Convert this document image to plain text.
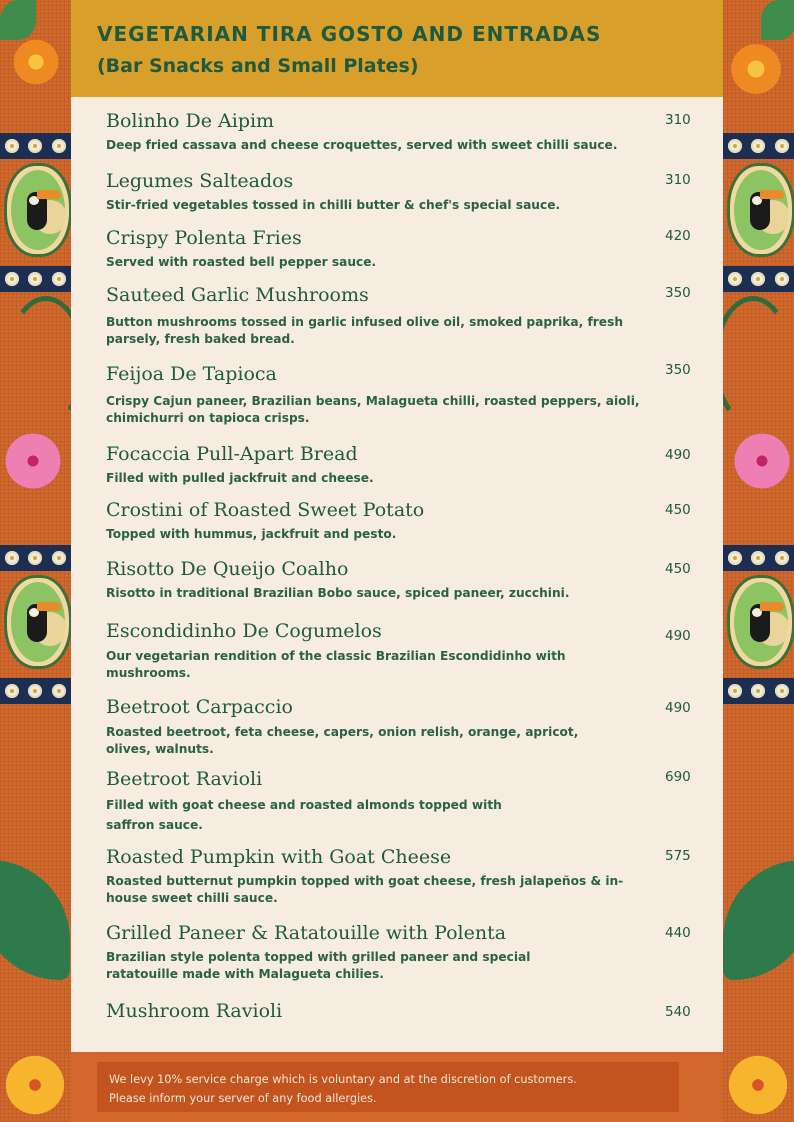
VEGETARIAN TIRA GOSTO AND ENTRADAS
(Bar Snacks and Small Plates)
Bolinho De Aipim
Deep fried cassava and cheese croquettes, served with sweet chilli sauce.
310
Legumes Salteados
Stir-fried vegetables tossed in chilli butter & chef's special sauce.
310
Crispy Polenta Fries
Served with roasted bell pepper sauce.
420
Sauteed Garlic Mushrooms
Button mushrooms tossed in garlic infused olive oil, smoked paprika, fresh parsely, fresh baked bread.
350
Feijoa De Tapioca
Crispy Cajun paneer, Brazilian beans, Malagueta chilli, roasted peppers, aioli, chimichurri on tapioca crisps.
350
Focaccia Pull-Apart Bread
Filled with pulled jackfruit and cheese.
490
Crostini of Roasted Sweet Potato
Topped with hummus, jackfruit and pesto.
450
Risotto De Queijo Coalho
Risotto in traditional Brazilian Bobo sauce, spiced paneer, zucchini.
450
Escondidinho De Cogumelos
Our vegetarian rendition of the classic Brazilian Escondidinho with mushrooms.
490
Beetroot Carpaccio
Roasted beetroot, feta cheese, capers, onion relish, orange, apricot, olives, walnuts.
490
Beetroot Ravioli
Filled with goat cheese and roasted almonds topped with saffron sauce.
690
Roasted Pumpkin with Goat Cheese
Roasted butternut pumpkin topped with goat cheese, fresh jalapeños & in-house sweet chilli sauce.
575
Grilled Paneer & Ratatouille with Polenta
Brazilian style polenta topped with grilled paneer and special ratatouille made with Malagueta chilies.
440
Mushroom Ravioli	540

We levy 10% service charge which is voluntary and at the discretion of customers.

Please inform your server of any food allergies.
